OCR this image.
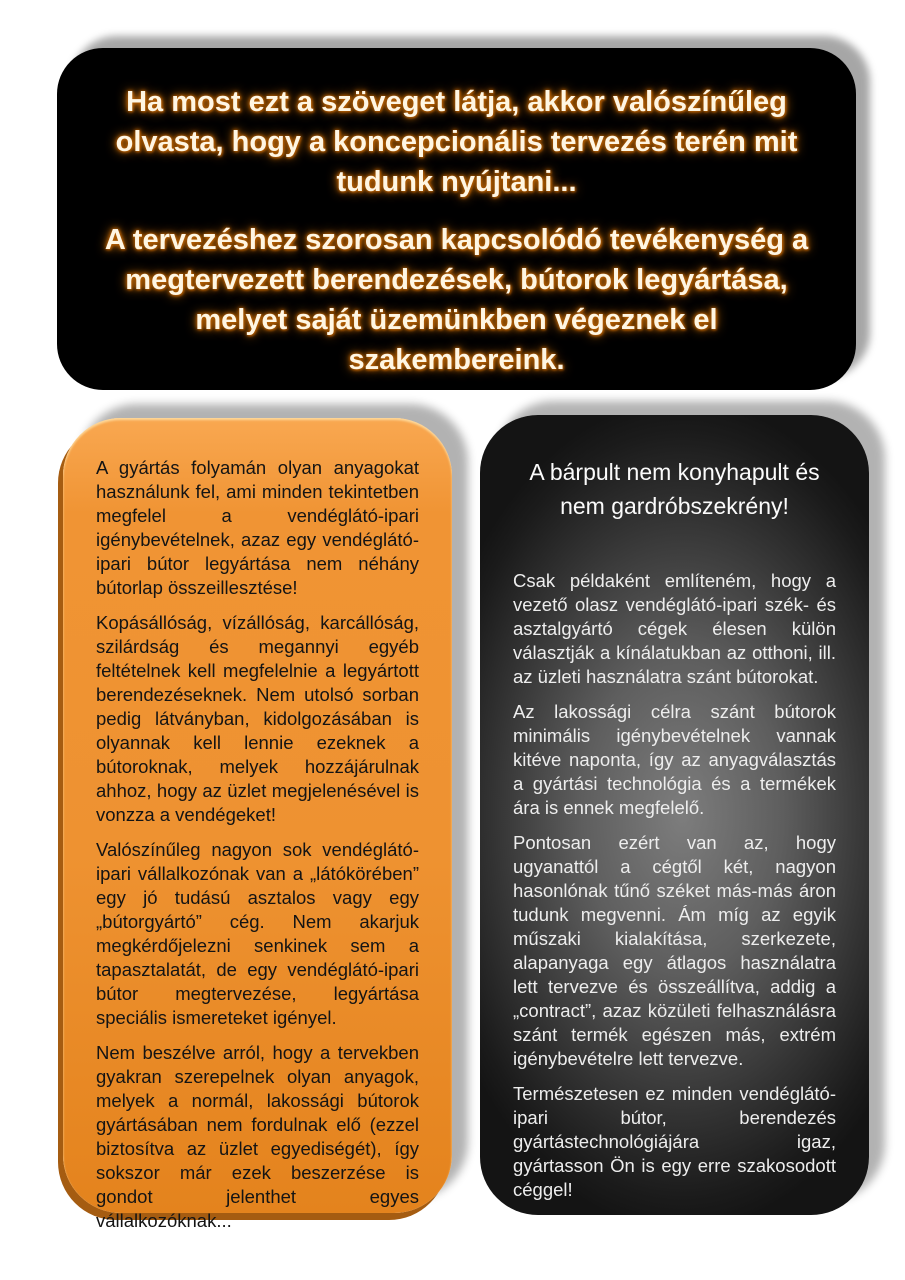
Ha most ezt a szöveget látja, akkor valószínűleg olvasta, hogy a koncepcionális tervezés terén mit tudunk nyújtani...

A tervezéshez szorosan kapcsolódó tevékenység a megtervezett berendezések, bútorok legyártása, melyet saját üzemünkben végeznek el szakembereink.

A gyártás folyamán olyan anyagokat használunk fel, ami minden tekintetben megfelel a vendéglátó-ipari igénybevételnek, azaz egy vendéglátó-ipari bútor legyártása nem néhány bútorlap összeillesztése!

Kopásállóság, vízállóság, karcállóság, szilárdság és megannyi egyéb feltételnek kell megfelelnie a legyártott berendezéseknek. Nem utolsó sorban pedig látványban, kidolgozásában is olyannak kell lennie ezeknek a bútoroknak, melyek hozzájárulnak ahhoz, hogy az üzlet megjelenésével is vonzza a vendégeket!

Valószínűleg nagyon sok vendéglátó-ipari vállalkozónak van a „látókörében” egy jó tudású asztalos vagy egy „bútorgyártó” cég. Nem akarjuk megkérdőjelezni senkinek sem a tapasztalatát, de egy vendéglátó-ipari bútor megtervezése, legyártása speciális ismereteket igényel.

Nem beszélve arról, hogy a tervekben gyakran szerepelnek olyan anyagok, melyek a normál, lakossági bútorok gyártásában nem fordulnak elő (ezzel biztosítva az üzlet egyediségét), így sokszor már ezek beszerzése is gondot jelenthet egyes vállalkozóknak...

A bárpult nem konyhapult és nem gardróbszekrény!

Csak példaként említeném, hogy a vezető olasz vendéglátó-ipari szék- és asztalgyártó cégek élesen külön választják a kínálatukban az otthoni, ill. az üzleti használatra szánt bútorokat.

Az lakossági célra szánt bútorok minimális igénybevételnek vannak kitéve naponta, így az anyagválasztás a gyártási technológia és a termékek ára is ennek megfelelő.

Pontosan ezért van az, hogy ugyanattól a cégtől két, nagyon hasonlónak tűnő széket más-más áron tudunk megvenni. Ám míg az egyik műszaki kialakítása, szerkezete, alapanyaga egy átlagos használatra lett tervezve és összeállítva, addig a „contract”, azaz közületi felhasználásra szánt termék egészen más, extrém igénybevételre lett tervezve.

Természetesen ez minden vendéglátó-ipari bútor, berendezés gyártástechnológiájára igaz, gyártasson Ön is egy erre szakosodott céggel!
